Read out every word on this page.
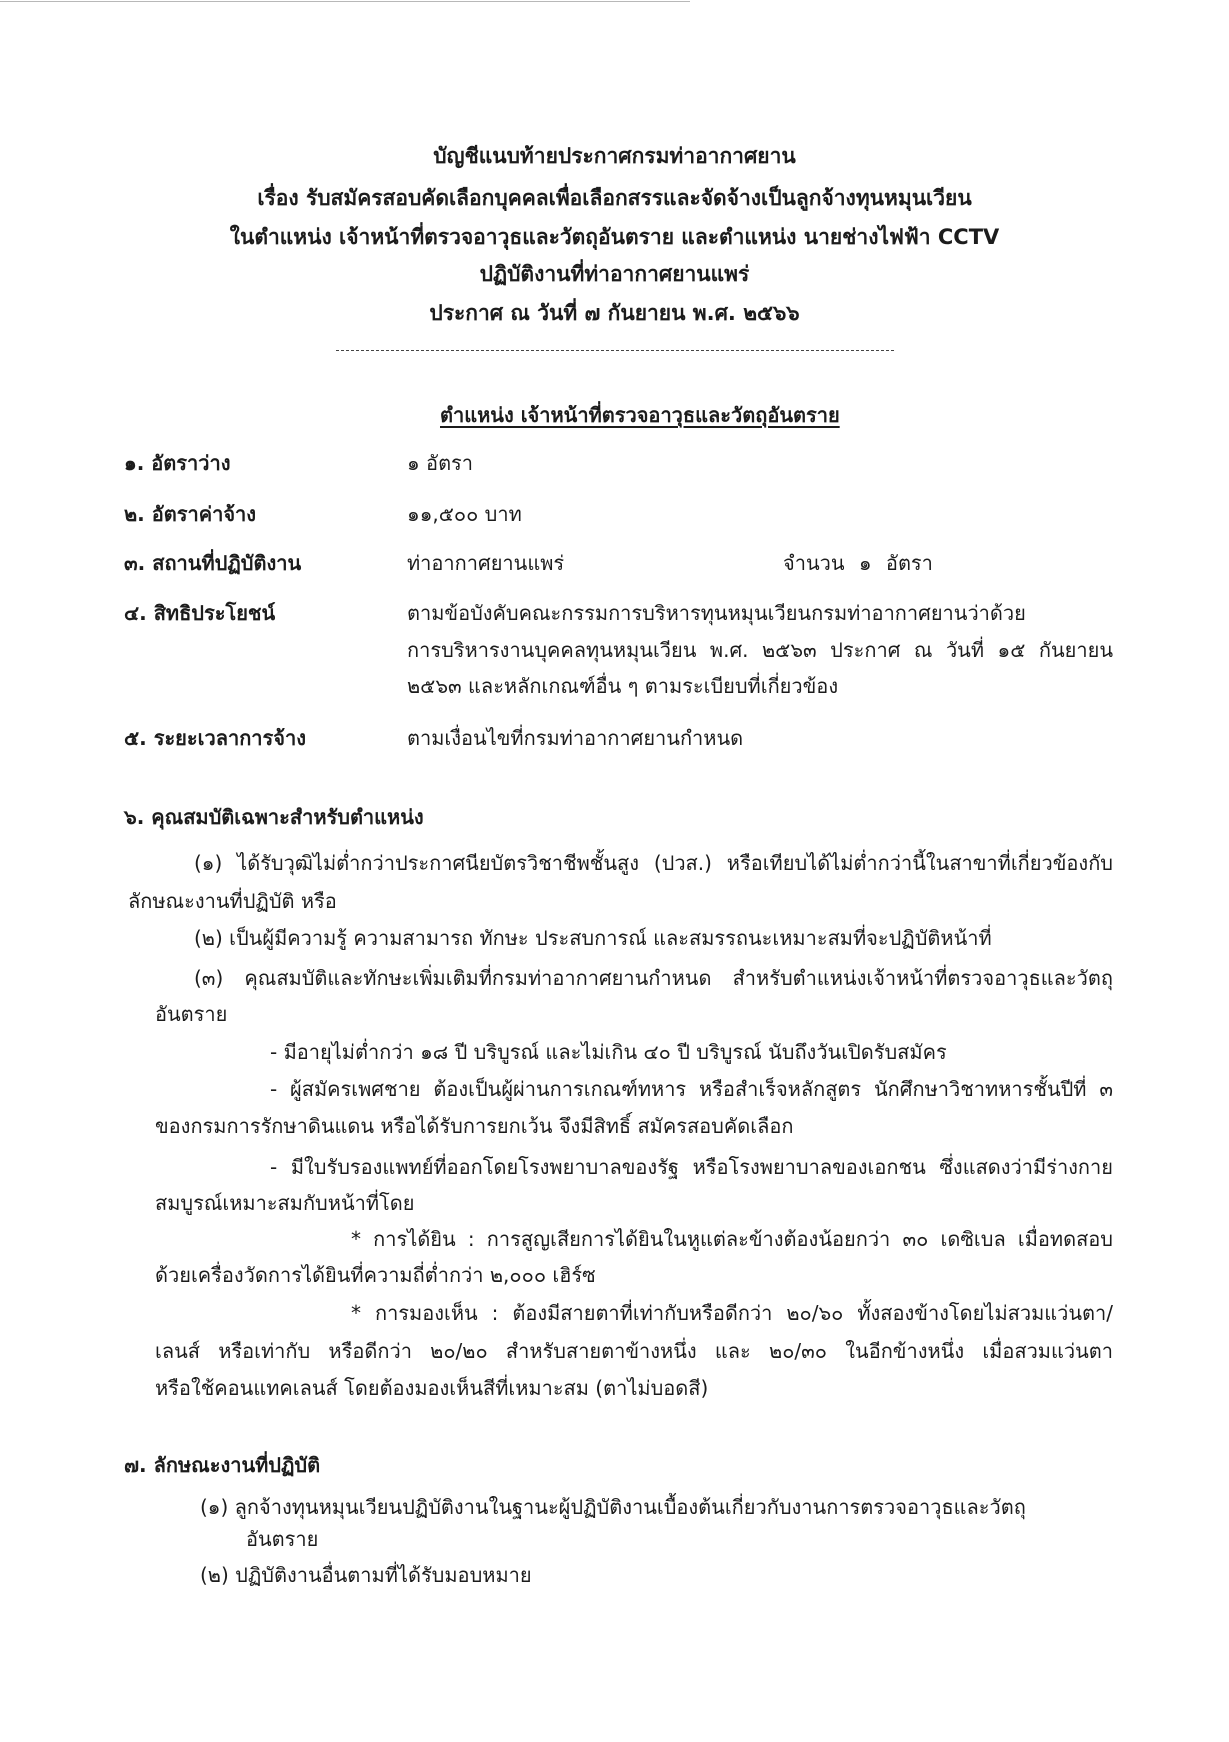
บัญชีแนบท้ายประกาศกรมท่าอากาศยาน
เรื่อง รับสมัครสอบคัดเลือกบุคคลเพื่อเลือกสรรและจัดจ้างเป็นลูกจ้างทุนหมุนเวียน
ในตำแหน่ง เจ้าหน้าที่ตรวจอาวุธและวัตถุอันตราย และตำแหน่ง นายช่างไฟฟ้า CCTV
ปฏิบัติงานที่ท่าอากาศยานแพร่
ประกาศ ณ วันที่ ๗ กันยายน พ.ศ. ๒๕๖๖
ตำแหน่ง เจ้าหน้าที่ตรวจอาวุธและวัตถุอันตราย
๑. อัตราว่าง	๑ อัตรา
๒. อัตราค่าจ้าง	๑๑,๕๐๐ บาท
๓. สถานที่ปฏิบัติงาน	ท่าอากาศยานแพร่	จำนวน ๑ อัตรา
๔. สิทธิประโยชน์	ตามข้อบังคับคณะกรรมการบริหารทุนหมุนเวียนกรมท่าอากาศยานว่าด้วย
การบริหารงานบุคคลทุนหมุนเวียน พ.ศ. ๒๕๖๓ ประกาศ ณ วันที่ ๑๕ กันยายน
๒๕๖๓ และหลักเกณฑ์อื่น ๆ ตามระเบียบที่เกี่ยวข้อง
๕. ระยะเวลาการจ้าง	ตามเงื่อนไขที่กรมท่าอากาศยานกำหนด
๖. คุณสมบัติเฉพาะสำหรับตำแหน่ง
(๑) ได้รับวุฒิไม่ต่ำกว่าประกาศนียบัตรวิชาชีพชั้นสูง (ปวส.) หรือเทียบได้ไม่ต่ำกว่านี้ในสาขาที่เกี่ยวข้องกับ
ลักษณะงานที่ปฏิบัติ หรือ
(๒) เป็นผู้มีความรู้ ความสามารถ ทักษะ ประสบการณ์ และสมรรถนะเหมาะสมที่จะปฏิบัติหน้าที่
(๓) คุณสมบัติและทักษะเพิ่มเติมที่กรมท่าอากาศยานกำหนด สำหรับตำแหน่งเจ้าหน้าที่ตรวจอาวุธและวัตถุ
อันตราย
- มีอายุไม่ต่ำกว่า ๑๘ ปี บริบูรณ์ และไม่เกิน ๔๐ ปี บริบูรณ์ นับถึงวันเปิดรับสมัคร
- ผู้สมัครเพศชาย ต้องเป็นผู้ผ่านการเกณฑ์ทหาร หรือสำเร็จหลักสูตร นักศึกษาวิชาทหารชั้นปีที่ ๓
ของกรมการรักษาดินแดน หรือได้รับการยกเว้น จึงมีสิทธิ์ สมัครสอบคัดเลือก
- มีใบรับรองแพทย์ที่ออกโดยโรงพยาบาลของรัฐ หรือโรงพยาบาลของเอกชน ซึ่งแสดงว่ามีร่างกาย
สมบูรณ์เหมาะสมกับหน้าที่โดย
* การได้ยิน : การสูญเสียการได้ยินในหูแต่ละข้างต้องน้อยกว่า ๓๐ เดซิเบล เมื่อทดสอบ
ด้วยเครื่องวัดการได้ยินที่ความถี่ต่ำกว่า ๒,๐๐๐ เฮิร์ซ
* การมองเห็น : ต้องมีสายตาที่เท่ากับหรือดีกว่า ๒๐/๖๐ ทั้งสองข้างโดยไม่สวมแว่นตา/
เลนส์ หรือเท่ากับ หรือดีกว่า ๒๐/๒๐ สำหรับสายตาข้างหนึ่ง และ ๒๐/๓๐ ในอีกข้างหนึ่ง เมื่อสวมแว่นตา
หรือใช้คอนแทคเลนส์ โดยต้องมองเห็นสีที่เหมาะสม (ตาไม่บอดสี)
๗. ลักษณะงานที่ปฏิบัติ
(๑) ลูกจ้างทุนหมุนเวียนปฏิบัติงานในฐานะผู้ปฏิบัติงานเบื้องต้นเกี่ยวกับงานการตรวจอาวุธและวัตถุ
อันตราย
(๒) ปฏิบัติงานอื่นตามที่ได้รับมอบหมาย
